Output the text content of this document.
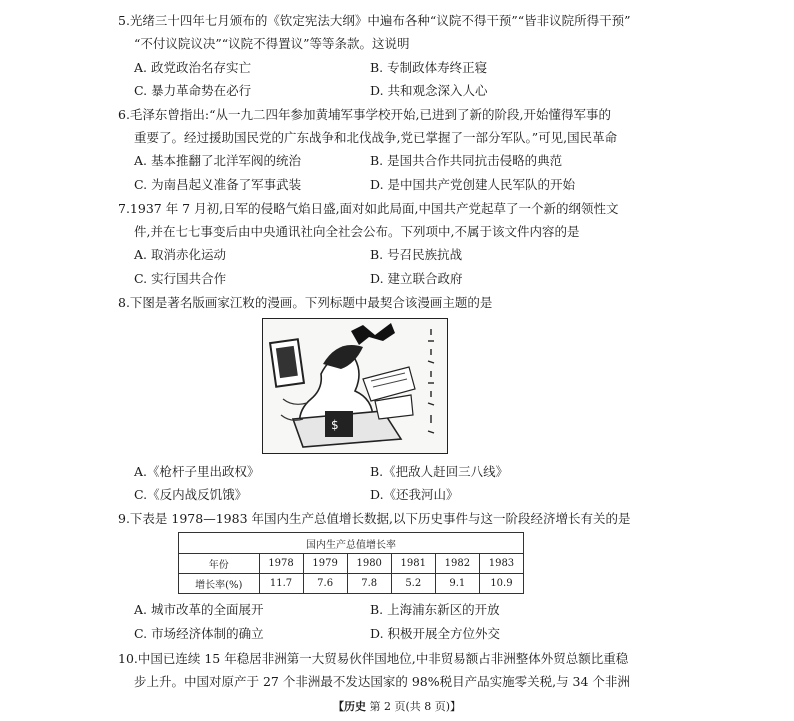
5.光绪三十四年七月颁布的《钦定宪法大纲》中遍布各种“议院不得干预”“皆非议院所得干预”
“不付议院议决”“议院不得置议”等等条款。这说明
A. 政党政治名存实亡	B. 专制政体寿终正寝
C. 暴力革命势在必行	D. 共和观念深入人心
6.毛泽东曾指出:“从一九二四年参加黄埔军事学校开始,已进到了新的阶段,开始懂得军事的
重要了。经过援助国民党的广东战争和北伐战争,党已掌握了一部分军队。”可见,国民革命
A. 基本推翻了北洋军阀的统治	B. 是国共合作共同抗击侵略的典范
C. 为南昌起义准备了军事武装	D. 是中国共产党创建人民军队的开始
7.1937 年 7 月初,日军的侵略气焰日盛,面对如此局面,中国共产党起草了一个新的纲领性文
件,并在七七事变后由中央通讯社向全社会公布。下列项中,不属于该文件内容的是
A. 取消赤化运动	B. 号召民族抗战
C. 实行国共合作	D. 建立联合政府
8.下图是著名版画家江敉的漫画。下列标题中最契合该漫画主题的是
$
A.《枪杆子里出政权》	B.《把敌人赶回三八线》
C.《反内战反饥饿》	D.《还我河山》
9.下表是 1978—1983 年国内生产总值增长数据,以下历史事件与这一阶段经济增长有关的是
国内生产总值增长率						
年份	1978	1979	1980	1981	1982	1983
增长率(%)	11.7	7.6	7.8	5.2	9.1	10.9
A. 城市改革的全面展开	B. 上海浦东新区的开放
C. 市场经济体制的确立	D. 积极开展全方位外交
10.中国已连续 15 年稳居非洲第一大贸易伙伴国地位,中非贸易额占非洲整体外贸总额比重稳
步上升。中国对原产于 27 个非洲最不发达国家的 98%税目产品实施零关税,与 34 个非洲
【历史 第 2 页(共 8 页)】
